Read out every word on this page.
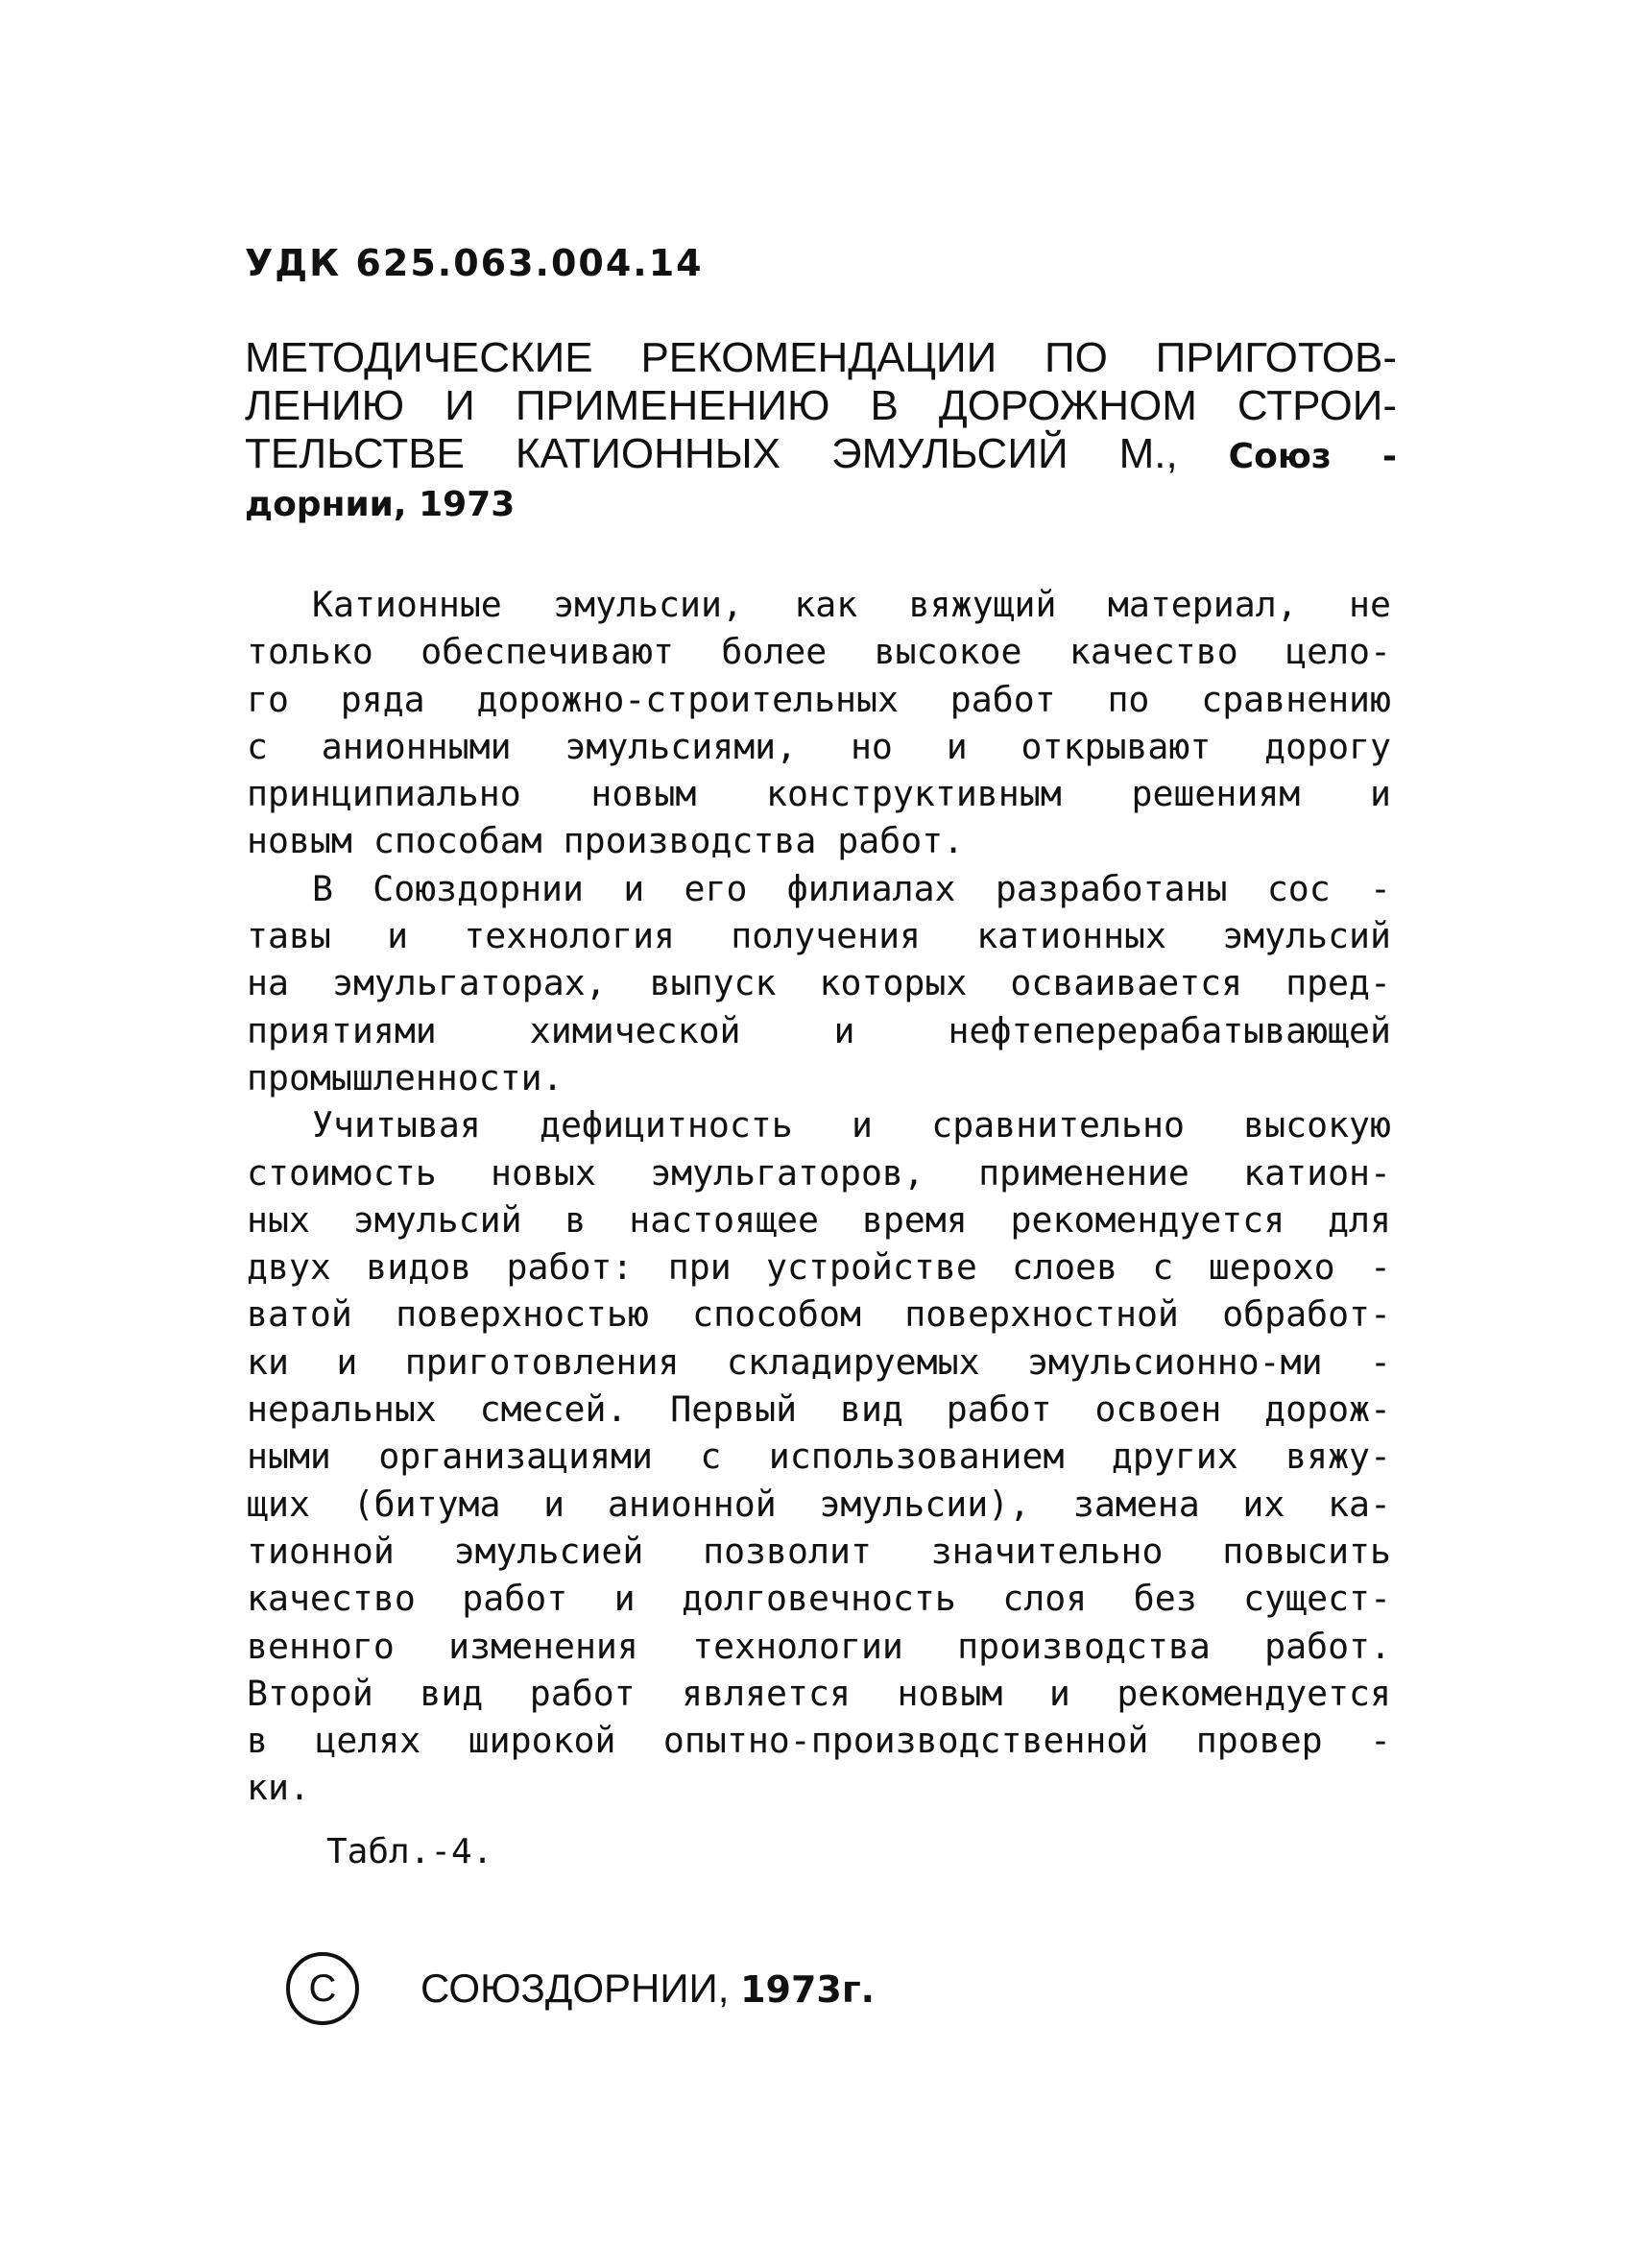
УДК 625.063.004.14
МЕТОДИЧЕСКИЕ РЕКОМЕНДАЦИИ ПО ПРИГОТОВ-
ЛЕНИЮ И ПРИМЕНЕНИЮ В ДОРОЖНОМ СТРОИ-
ТЕЛЬСТВЕ КАТИОННЫХ ЭМУЛЬСИЙ М., Союз -
дорнии, 1973
Катионные эмульсии, как вяжущий материал, не
только обеспечивают более высокое качество цело-
го ряда дорожно-строительных работ по сравнению
с анионными эмульсиями, но и открывают дорогу
принципиально новым конструктивным решениям и
новым способам производства работ.
В Союздорнии и его филиалах разработаны сос -
тавы и технология получения катионных эмульсий
на эмульгаторах, выпуск которых осваивается пред-
приятиями химической и нефтеперерабатывающей
промышленности.
Учитывая дефицитность и сравнительно высокую
стоимость новых эмульгаторов, применение катион-
ных эмульсий в настоящее время рекомендуется для
двух видов работ: при устройстве слоев с шерохо -
ватой поверхностью способом поверхностной обработ-
ки и приготовления складируемых эмульсионно-ми -
неральных смесей. Первый вид работ освоен дорож-
ными организациями с использованием других вяжу-
щих (битума и анионной эмульсии), замена их ка-
тионной эмульсией позволит значительно повысить
качество работ и долговечность слоя без сущест-
венного изменения технологии производства работ.
Второй вид работ является новым и рекомендуется
в целях широкой опытно-производственной провер -
ки.
Табл.-4.
C	СОЮЗДОРНИИ, 1973г.
